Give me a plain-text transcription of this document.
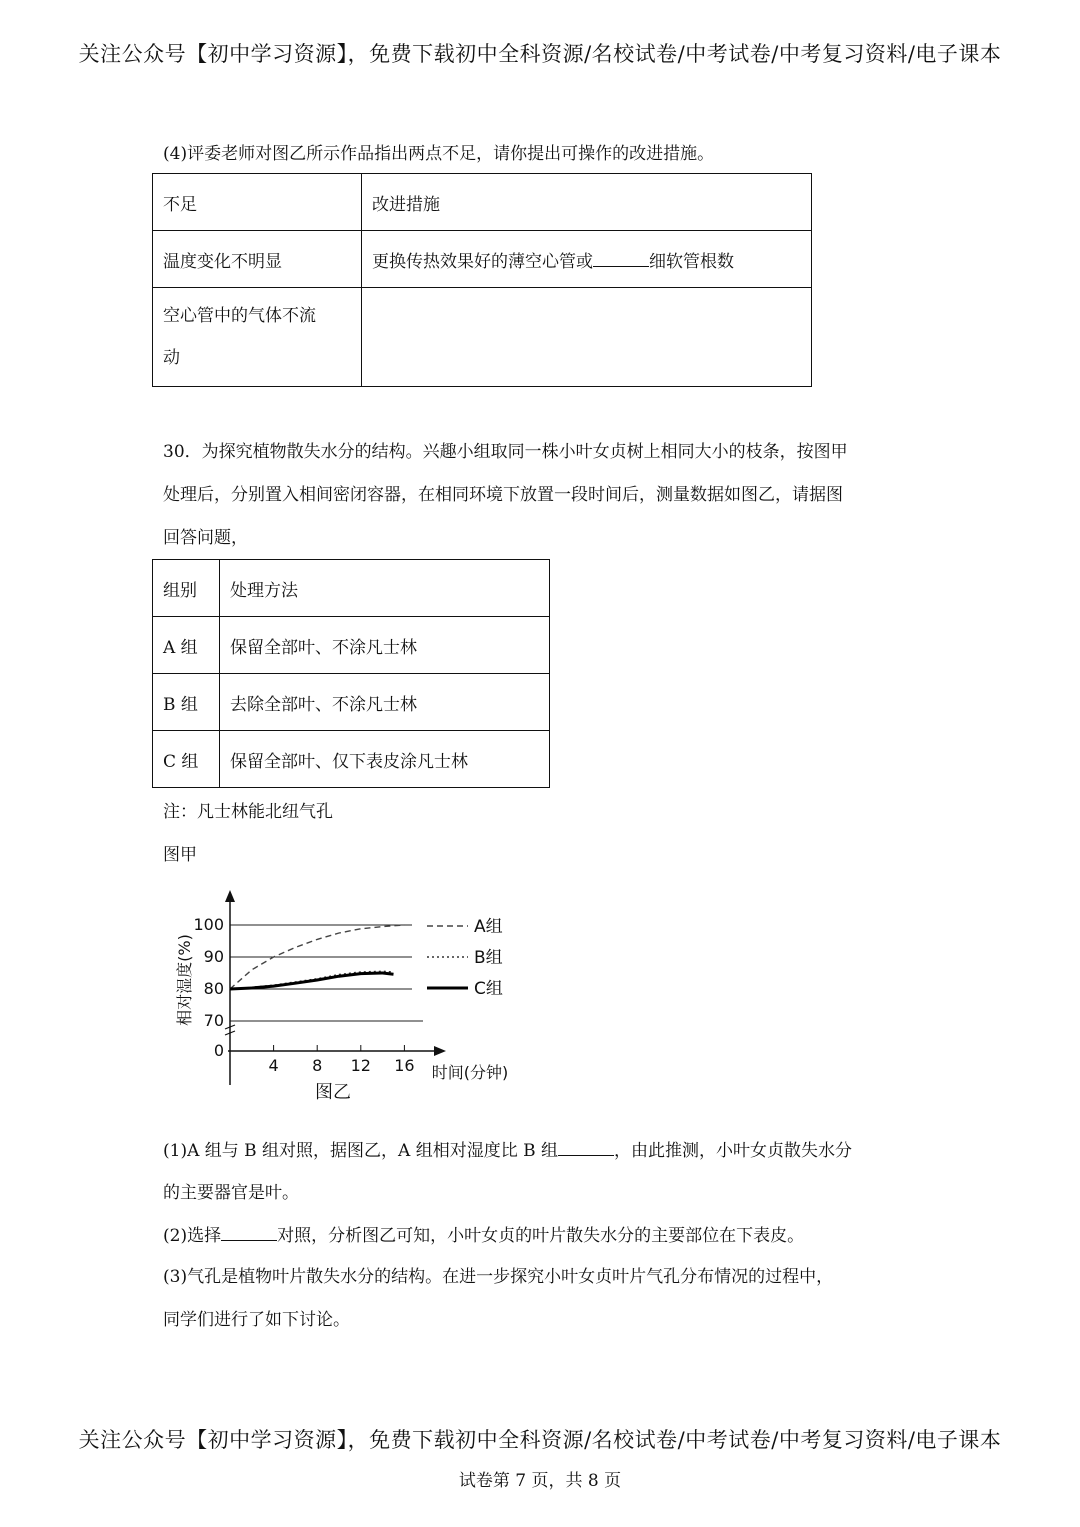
关注公众号【初中学习资源】，免费下载初中全科资源/名校试卷/中考试卷/中考复习资料/电子课本
(4)评委老师对图乙所示作品指出两点不足，请你提出可操作的改进措施。
不足	改进措施
温度变化不明显	更换传热效果好的薄空心管或 细软管根数
空心管中的气体不流
动	
30．为探究植物散失水分的结构。兴趣小组取同一株小叶女贞树上相同大小的枝条，按图甲
处理后，分别置入相间密闭容器，在相同环境下放置一段时间后，测量数据如图乙，请据图
回答问题，
组别	处理方法
A 组	保留全部叶、不涂凡士林
B 组	去除全部叶、不涂凡士林
C 组	保留全部叶、仅下表皮涂凡士林
注：凡士林能北纽气孔
图甲
0
70
80
90
100
4 8 12 16
A组
B组
C组
相对湿度(%)
时间(分钟)
图乙
(1)A 组与 B 组对照，据图乙，A 组相对湿度比 B 组	，由此推测，小叶女贞散失水分
的主要器官是叶。
(2)选择	对照，分析图乙可知，小叶女贞的叶片散失水分的主要部位在下表皮。
(3)气孔是植物叶片散失水分的结构。在进一步探究小叶女贞叶片气孔分布情况的过程中，
同学们进行了如下讨论。
关注公众号【初中学习资源】，免费下载初中全科资源/名校试卷/中考试卷/中考复习资料/电子课本
试卷第 7 页，共 8 页
